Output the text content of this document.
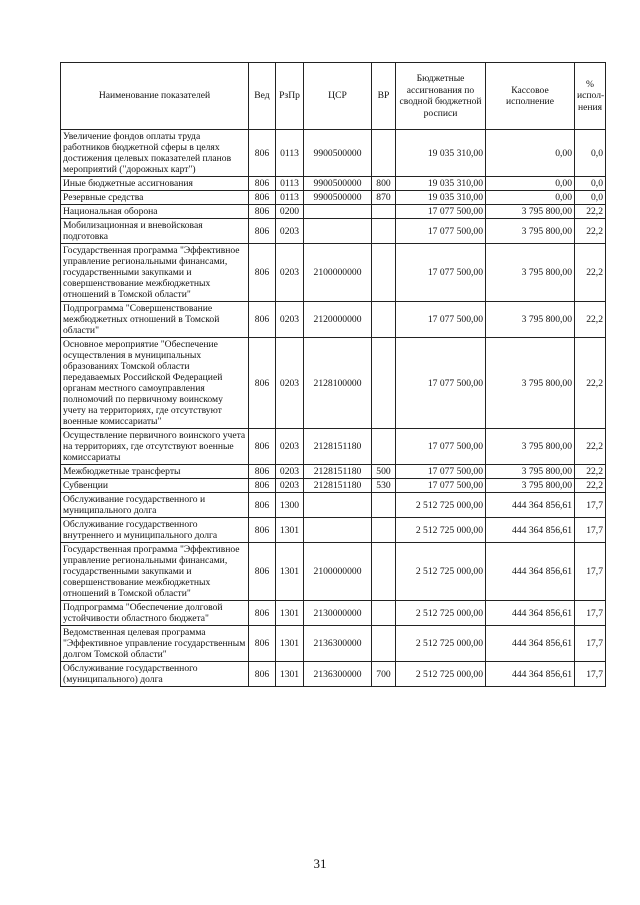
Наименование показателей	Вед	РзПр	ЦСР	ВР	Бюджетные ассигнования по сводной бюджетной росписи	Кассовое исполнение	% испол-нения
Увеличение фондов оплаты труда работников бюджетной сферы в целях достижения целевых показателей планов мероприятий ("дорожных карт")	806	0113	9900500000		19 035 310,00	0,00	0,0
Иные бюджетные ассигнования	806	0113	9900500000	800	19 035 310,00	0,00	0,0
Резервные средства	806	0113	9900500000	870	19 035 310,00	0,00	0,0
Национальная оборона	806	0200			17 077 500,00	3 795 800,00	22,2
Мобилизационная и вневойсковая подготовка	806	0203			17 077 500,00	3 795 800,00	22,2
Государственная программа "Эффективное управление региональными финансами, государственными закупками и совершенствование межбюджетных отношений в Томской области"	806	0203	2100000000		17 077 500,00	3 795 800,00	22,2
Подпрограмма "Совершенствование межбюджетных отношений в Томской области"	806	0203	2120000000		17 077 500,00	3 795 800,00	22,2
Основное мероприятие "Обеспечение осуществления в муниципальных образованиях Томской области передаваемых Российской Федерацией органам местного самоуправления полномочий по первичному воинскому учету на территориях, где отсутствуют военные комиссариаты"	806	0203	2128100000		17 077 500,00	3 795 800,00	22,2
Осуществление первичного воинского учета на территориях, где отсутствуют военные комиссариаты	806	0203	2128151180		17 077 500,00	3 795 800,00	22,2
Межбюджетные трансферты	806	0203	2128151180	500	17 077 500,00	3 795 800,00	22,2
Субвенции	806	0203	2128151180	530	17 077 500,00	3 795 800,00	22,2
Обслуживание государственного и муниципального долга	806	1300			2 512 725 000,00	444 364 856,61	17,7
Обслуживание государственного внутреннего и муниципального долга	806	1301			2 512 725 000,00	444 364 856,61	17,7
Государственная программа "Эффективное управление региональными финансами, государственными закупками и совершенствование межбюджетных отношений в Томской области"	806	1301	2100000000		2 512 725 000,00	444 364 856,61	17,7
Подпрограмма "Обеспечение долговой устойчивости областного бюджета"	806	1301	2130000000		2 512 725 000,00	444 364 856,61	17,7
Ведомственная целевая программа "Эффективное управление государственным долгом Томской области"	806	1301	2136300000		2 512 725 000,00	444 364 856,61	17,7
Обслуживание государственного (муниципального) долга	806	1301	2136300000	700	2 512 725 000,00	444 364 856,61	17,7
31
